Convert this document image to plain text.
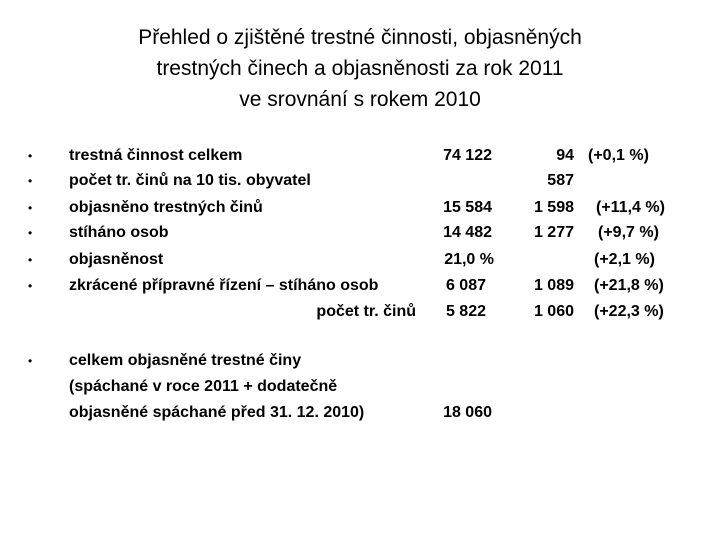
Přehled o zjištěné trestné činnosti, objasněných
trestných činech a objasněnosti za rok 2011
ve srovnání s rokem 2010
•	trestná činnost celkem	74 122	94 (+0,1 %)
•	počet tr. činů na 10 tis. obyvatel	587
•	objasněno trestných činů	15 584	1 598 (+11,4 %)
•	stíháno osob	14 482	1 277 (+9,7 %)
•	objasněnost	21,0 %	(+2,1 %)
•	zkrácené přípravné řízení – stíháno osob	6 087	1 089 (+21,8 %)
počet tr. činů 5 822	1 060 (+22,3 %)
• celkem objasněné trestné činy
(spáchané v roce 2011 + dodatečně
objasněné spáchané před 31. 12. 2010)	18 060
